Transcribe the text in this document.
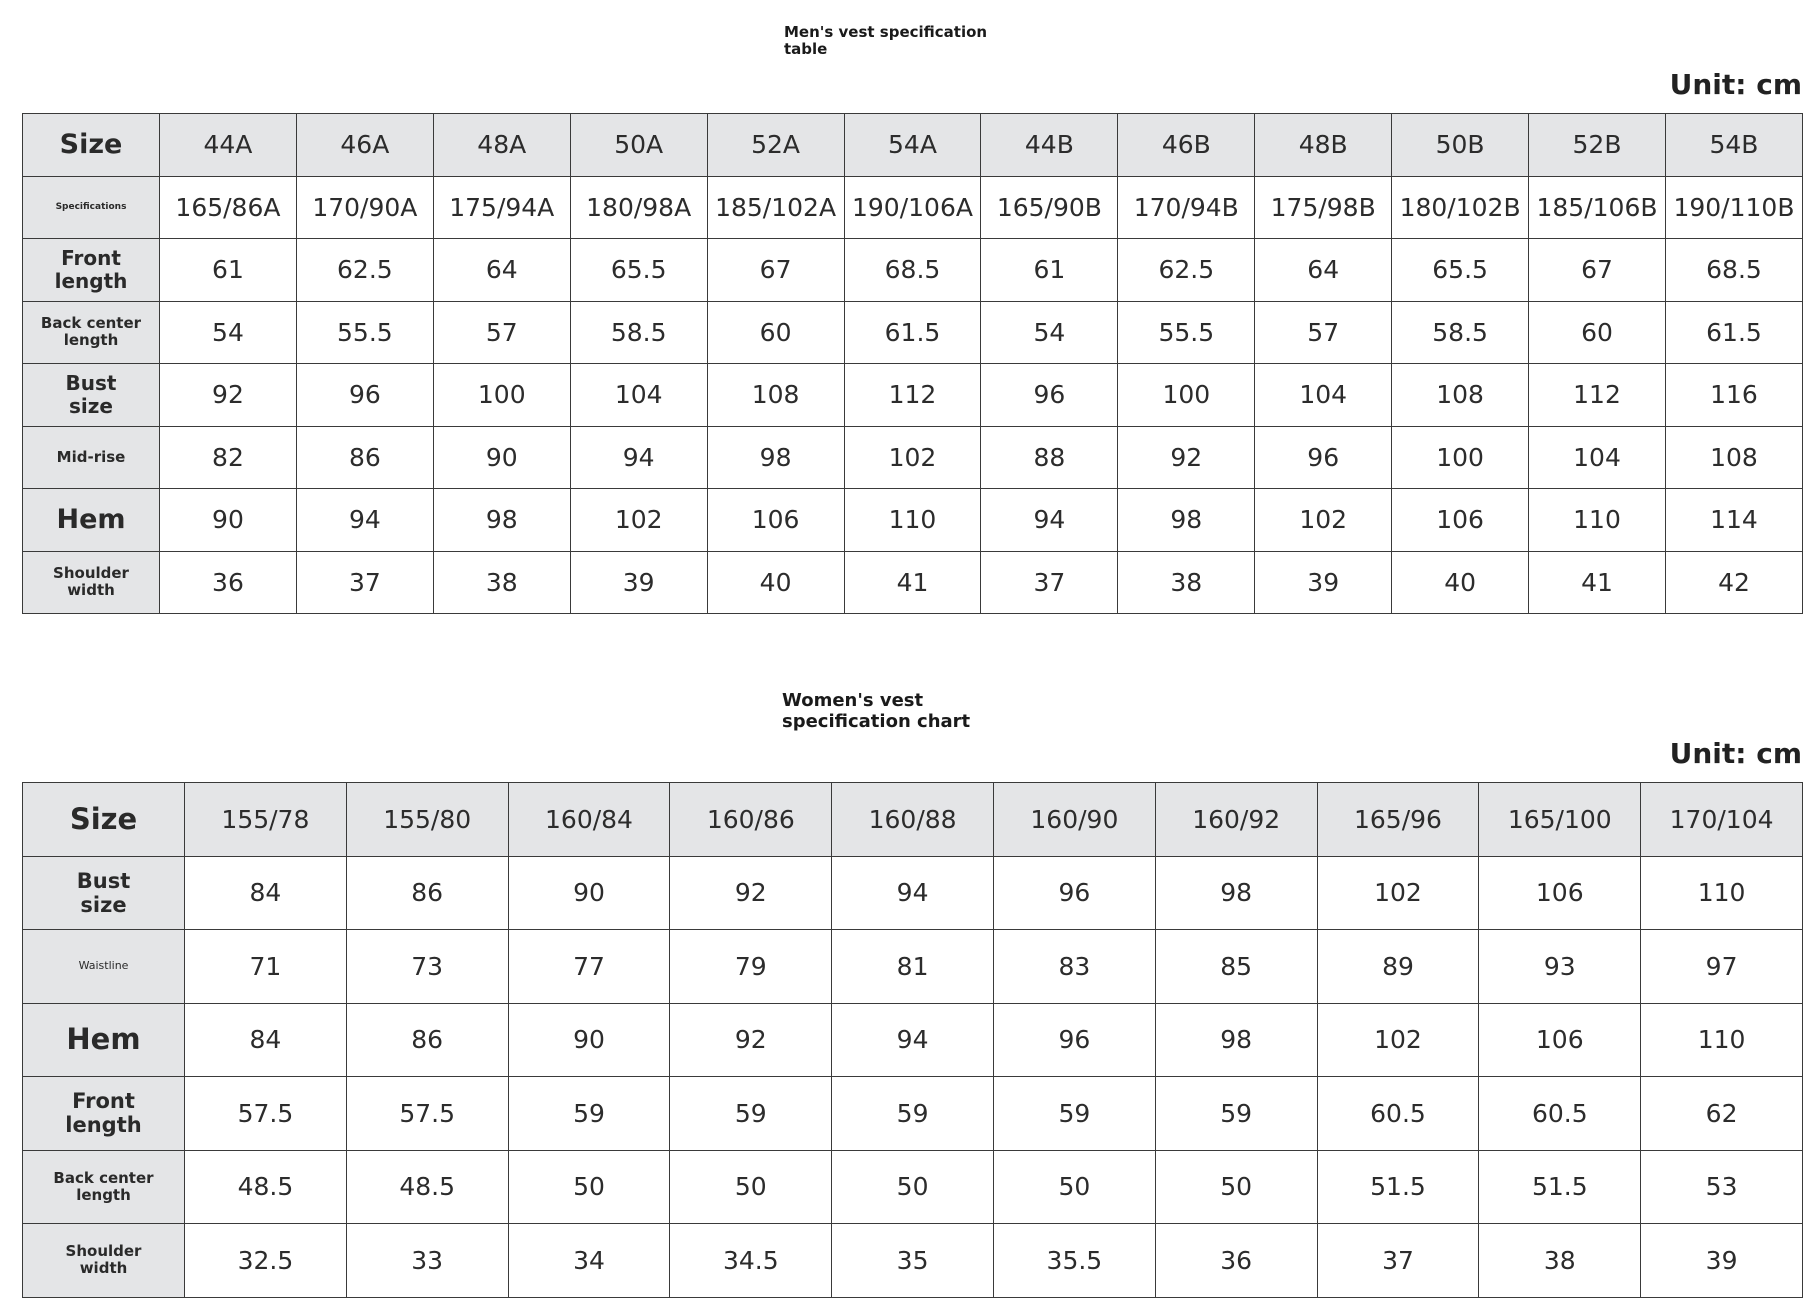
Men's vest specification
table
Unit: cm
Size	44A	46A	48A	50A	52A	54A	44B	46B	48B	50B	52B	54B
Specifications	165/86A	170/90A	175/94A	180/98A	185/102A	190/106A	165/90B	170/94B	175/98B	180/102B	185/106B	190/110B
Front
length	61	62.5	64	65.5	67	68.5	61	62.5	64	65.5	67	68.5
Back center
length	54	55.5	57	58.5	60	61.5	54	55.5	57	58.5	60	61.5
Bust
size	92	96	100	104	108	112	96	100	104	108	112	116
Mid-rise	82	86	90	94	98	102	88	92	96	100	104	108
Hem	90	94	98	102	106	110	94	98	102	106	110	114
Shoulder
width	36	37	38	39	40	41	37	38	39	40	41	42
Women's vest
specification chart
Unit: cm
Size	155/78	155/80	160/84	160/86	160/88	160/90	160/92	165/96	165/100	170/104
Bust
size	84	86	90	92	94	96	98	102	106	110
Waistline	71	73	77	79	81	83	85	89	93	97
Hem	84	86	90	92	94	96	98	102	106	110
Front
length	57.5	57.5	59	59	59	59	59	60.5	60.5	62
Back center
length	48.5	48.5	50	50	50	50	50	51.5	51.5	53
Shoulder
width	32.5	33	34	34.5	35	35.5	36	37	38	39
